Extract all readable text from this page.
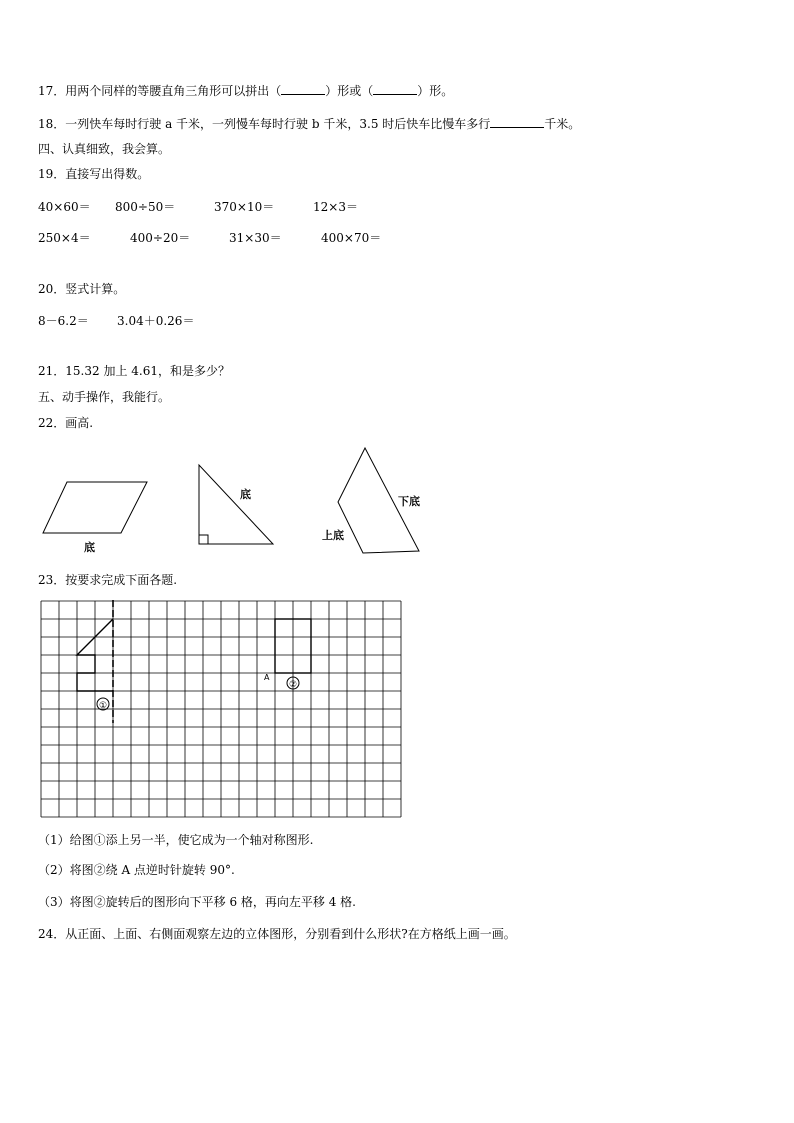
17．用两个同样的等腰直角三角形可以拼出（	）形或（	）形。
18．一列快车每时行驶 a 千米，一列慢车每时行驶 b 千米，3.5 时后快车比慢车多行	千米。
四、认真细致，我会算。
19．直接写出得数。
40×60＝ 800÷50＝	370×10＝	12×3＝
250×4＝	400÷20＝	31×30＝	400×70＝
20．竖式计算。
8－6.2＝ 3.04＋0.26＝
21．15.32 加上 4.61，和是多少？
五、动手操作，我能行。
22．画高.
底
底
下底
上底
23．按要求完成下面各题.
①
②
A
（1）给图①添上另一半，使它成为一个轴对称图形.
（2）将图②绕 A 点逆时针旋转 90°.
（3）将图②旋转后的图形向下平移 6 格，再向左平移 4 格.
24．从正面、上面、右侧面观察左边的立体图形，分别看到什么形状?在方格纸上画一画。
